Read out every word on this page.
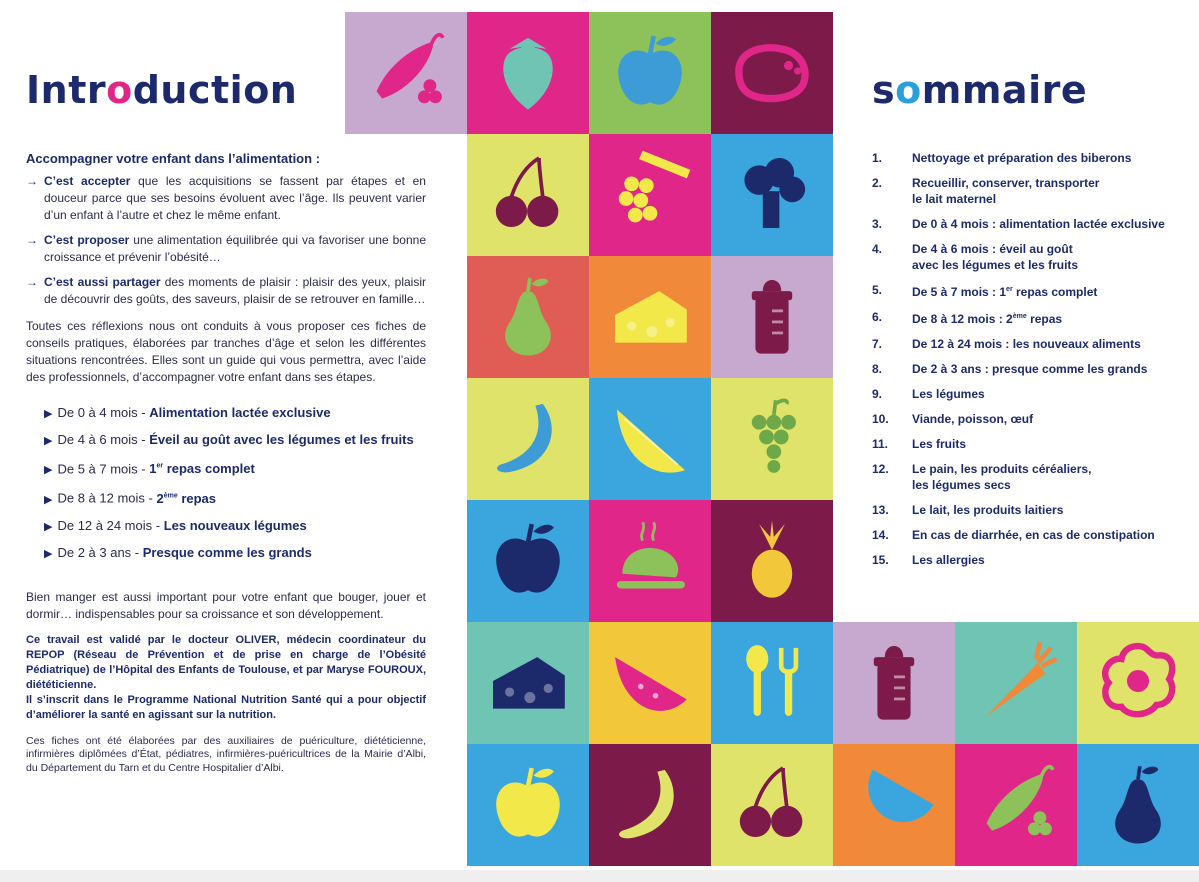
Introduction
Accompagner votre enfant dans l’alimentation :
→ C’est accepter que les acquisitions se fassent par étapes et en douceur parce que ses besoins évoluent avec l’âge. Ils peuvent varier d’un enfant à l’autre et chez le même enfant.
→ C’est proposer une alimentation équilibrée qui va favoriser une bonne croissance et prévenir l’obésité…
→ C’est aussi partager des moments de plaisir : plaisir des yeux, plaisir de découvrir des goûts, des saveurs, plaisir de se retrouver en famille…
Toutes ces réflexions nous ont conduits à vous proposer ces fiches de conseils pratiques, élaborées par tranches d’âge et selon les différentes situations rencontrées. Elles sont un guide qui vous permettra, avec l’aide des professionnels, d’accompagner votre enfant dans ses étapes.
▶ De 0 à 4 mois - Alimentation lactée exclusive
▶ De 4 à 6 mois - Éveil au goût avec les légumes et les fruits
▶ De 5 à 7 mois - 1er repas complet
▶ De 8 à 12 mois - 2ème repas
▶ De 12 à 24 mois - Les nouveaux légumes
▶ De 2 à 3 ans - Presque comme les grands
Bien manger est aussi important pour votre enfant que bouger, jouer et dormir… indispensables pour sa croissance et son développement.
Ce travail est validé par le docteur OLIVER, médecin coordinateur du REPOP (Réseau de Prévention et de prise en charge de l’Obésité Pédiatrique) de l’Hôpital des Enfants de Toulouse, et par Maryse FOUROUX, diététicienne.
Il s’inscrit dans le Programme National Nutrition Santé qui a pour objectif d’améliorer la santé en agissant sur la nutrition.
Ces fiches ont été élaborées par des auxiliaires de puériculture, diététicienne, infirmières diplômées d’État, pédiatres, infirmières-puéricultrices de la Mairie d’Albi, du Département du Tarn et du Centre Hospitalier d’Albi.
sommaire
1. Nettoyage et préparation des biberons
2. Recueillir, conserver, transporter
le lait maternel
3. De 0 à 4 mois : alimentation lactée exclusive
4. De 4 à 6 mois : éveil au goût
avec les légumes et les fruits
5. De 5 à 7 mois : 1er repas complet
6. De 8 à 12 mois : 2ème repas
7. De 12 à 24 mois : les nouveaux aliments
8. De 2 à 3 ans : presque comme les grands
9. Les légumes
10. Viande, poisson, œuf
11. Les fruits
12. Le pain, les produits céréaliers,
les légumes secs
13. Le lait, les produits laitiers
14. En cas de diarrhée, en cas de constipation
15. Les allergies
